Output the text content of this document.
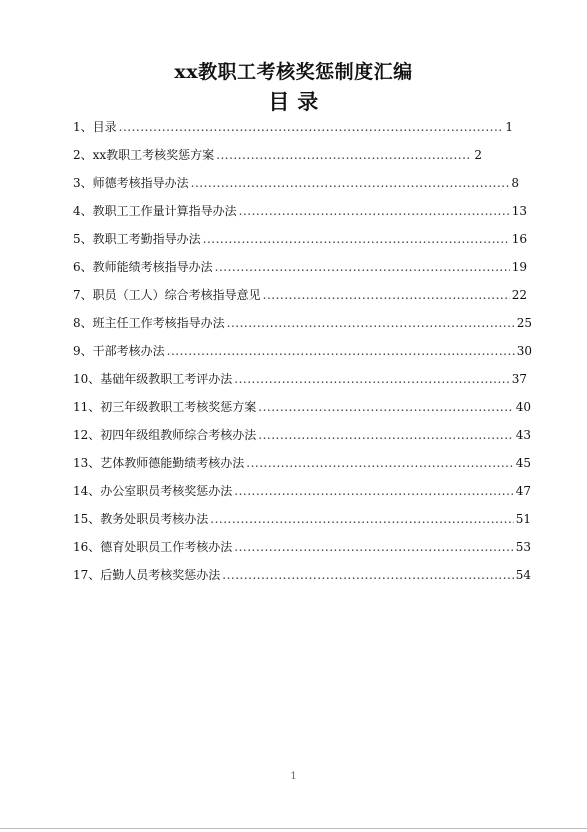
xx教职工考核奖惩制度汇编
目 录
1、目录 .....	1
2、xx教职工考核奖惩方案 .....	2
3、师德考核指导办法 .....	8
4、教职工工作量计算指导办法 .....	13
5、教职工考勤指导办法 .....	16
6、教师能绩考核指导办法 .....	19
7、职员（工人）综合考核指导意见 .....	22
8、班主任工作考核指导办法 .....	25
9、干部考核办法 .....	30
10、基础年级教职工考评办法 .....	37
11、初三年级教职工考核奖惩方案 .....	40
12、初四年级组教师综合考核办法 .....	43
13、艺体教师德能勤绩考核办法 .....	45
14、办公室职员考核奖惩办法 .....	47
15、教务处职员考核办法 .....	51
16、德育处职员工作考核办法 .....	53
17、后勤人员考核奖惩办法 .....	54
1
